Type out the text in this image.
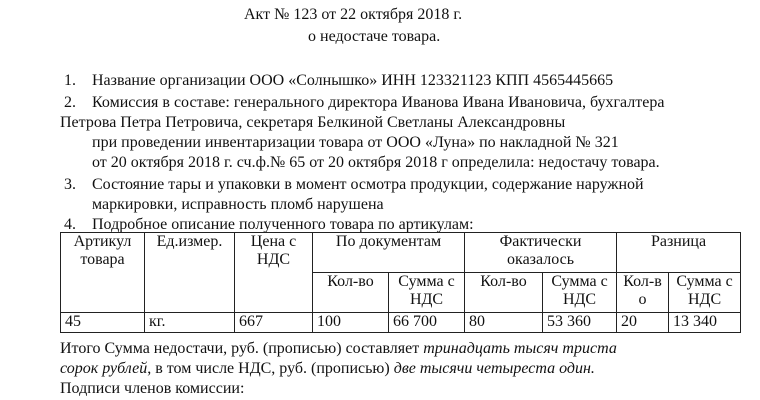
Акт № 123 от 22 октября 2018 г.
о недостаче товара.
1. Название организации ООО «Солнышко» ИНН 123321123 КПП 4565445665
2. Комиссия в составе: генерального директора Иванова Ивана Ивановича, бухгалтера
Петрова Петра Петровича, секретаря Белкиной Светланы Александровны
при проведении инвентаризации товара от ООО «Луна» по накладной № 321
от 20 октября 2018 г. сч.ф.№ 65 от 20 октября 2018 г определила: недостачу товара.
3. Состояние тары и упаковки в момент осмотра продукции, содержание наружной
маркировки, исправность пломб нарушена
4. Подробное описание полученного товара по артикулам:
Артикул товара	Ед.измер.	Цена с НДС	По документам		Фактически оказалось		Разница	
			Кол-во	Сумма с НДС	Кол-во	Сумма с НДС	Кол-во	Сумма с НДС
45	кг.	667	100	66 700	80	53 360	20	13 340
Итого Сумма недостачи, руб. (прописью) составляет тринадцать тысяч триста
сорок рублей, в том числе НДС, руб. (прописью) две тысячи четыреста один.
Подписи членов комиссии:
